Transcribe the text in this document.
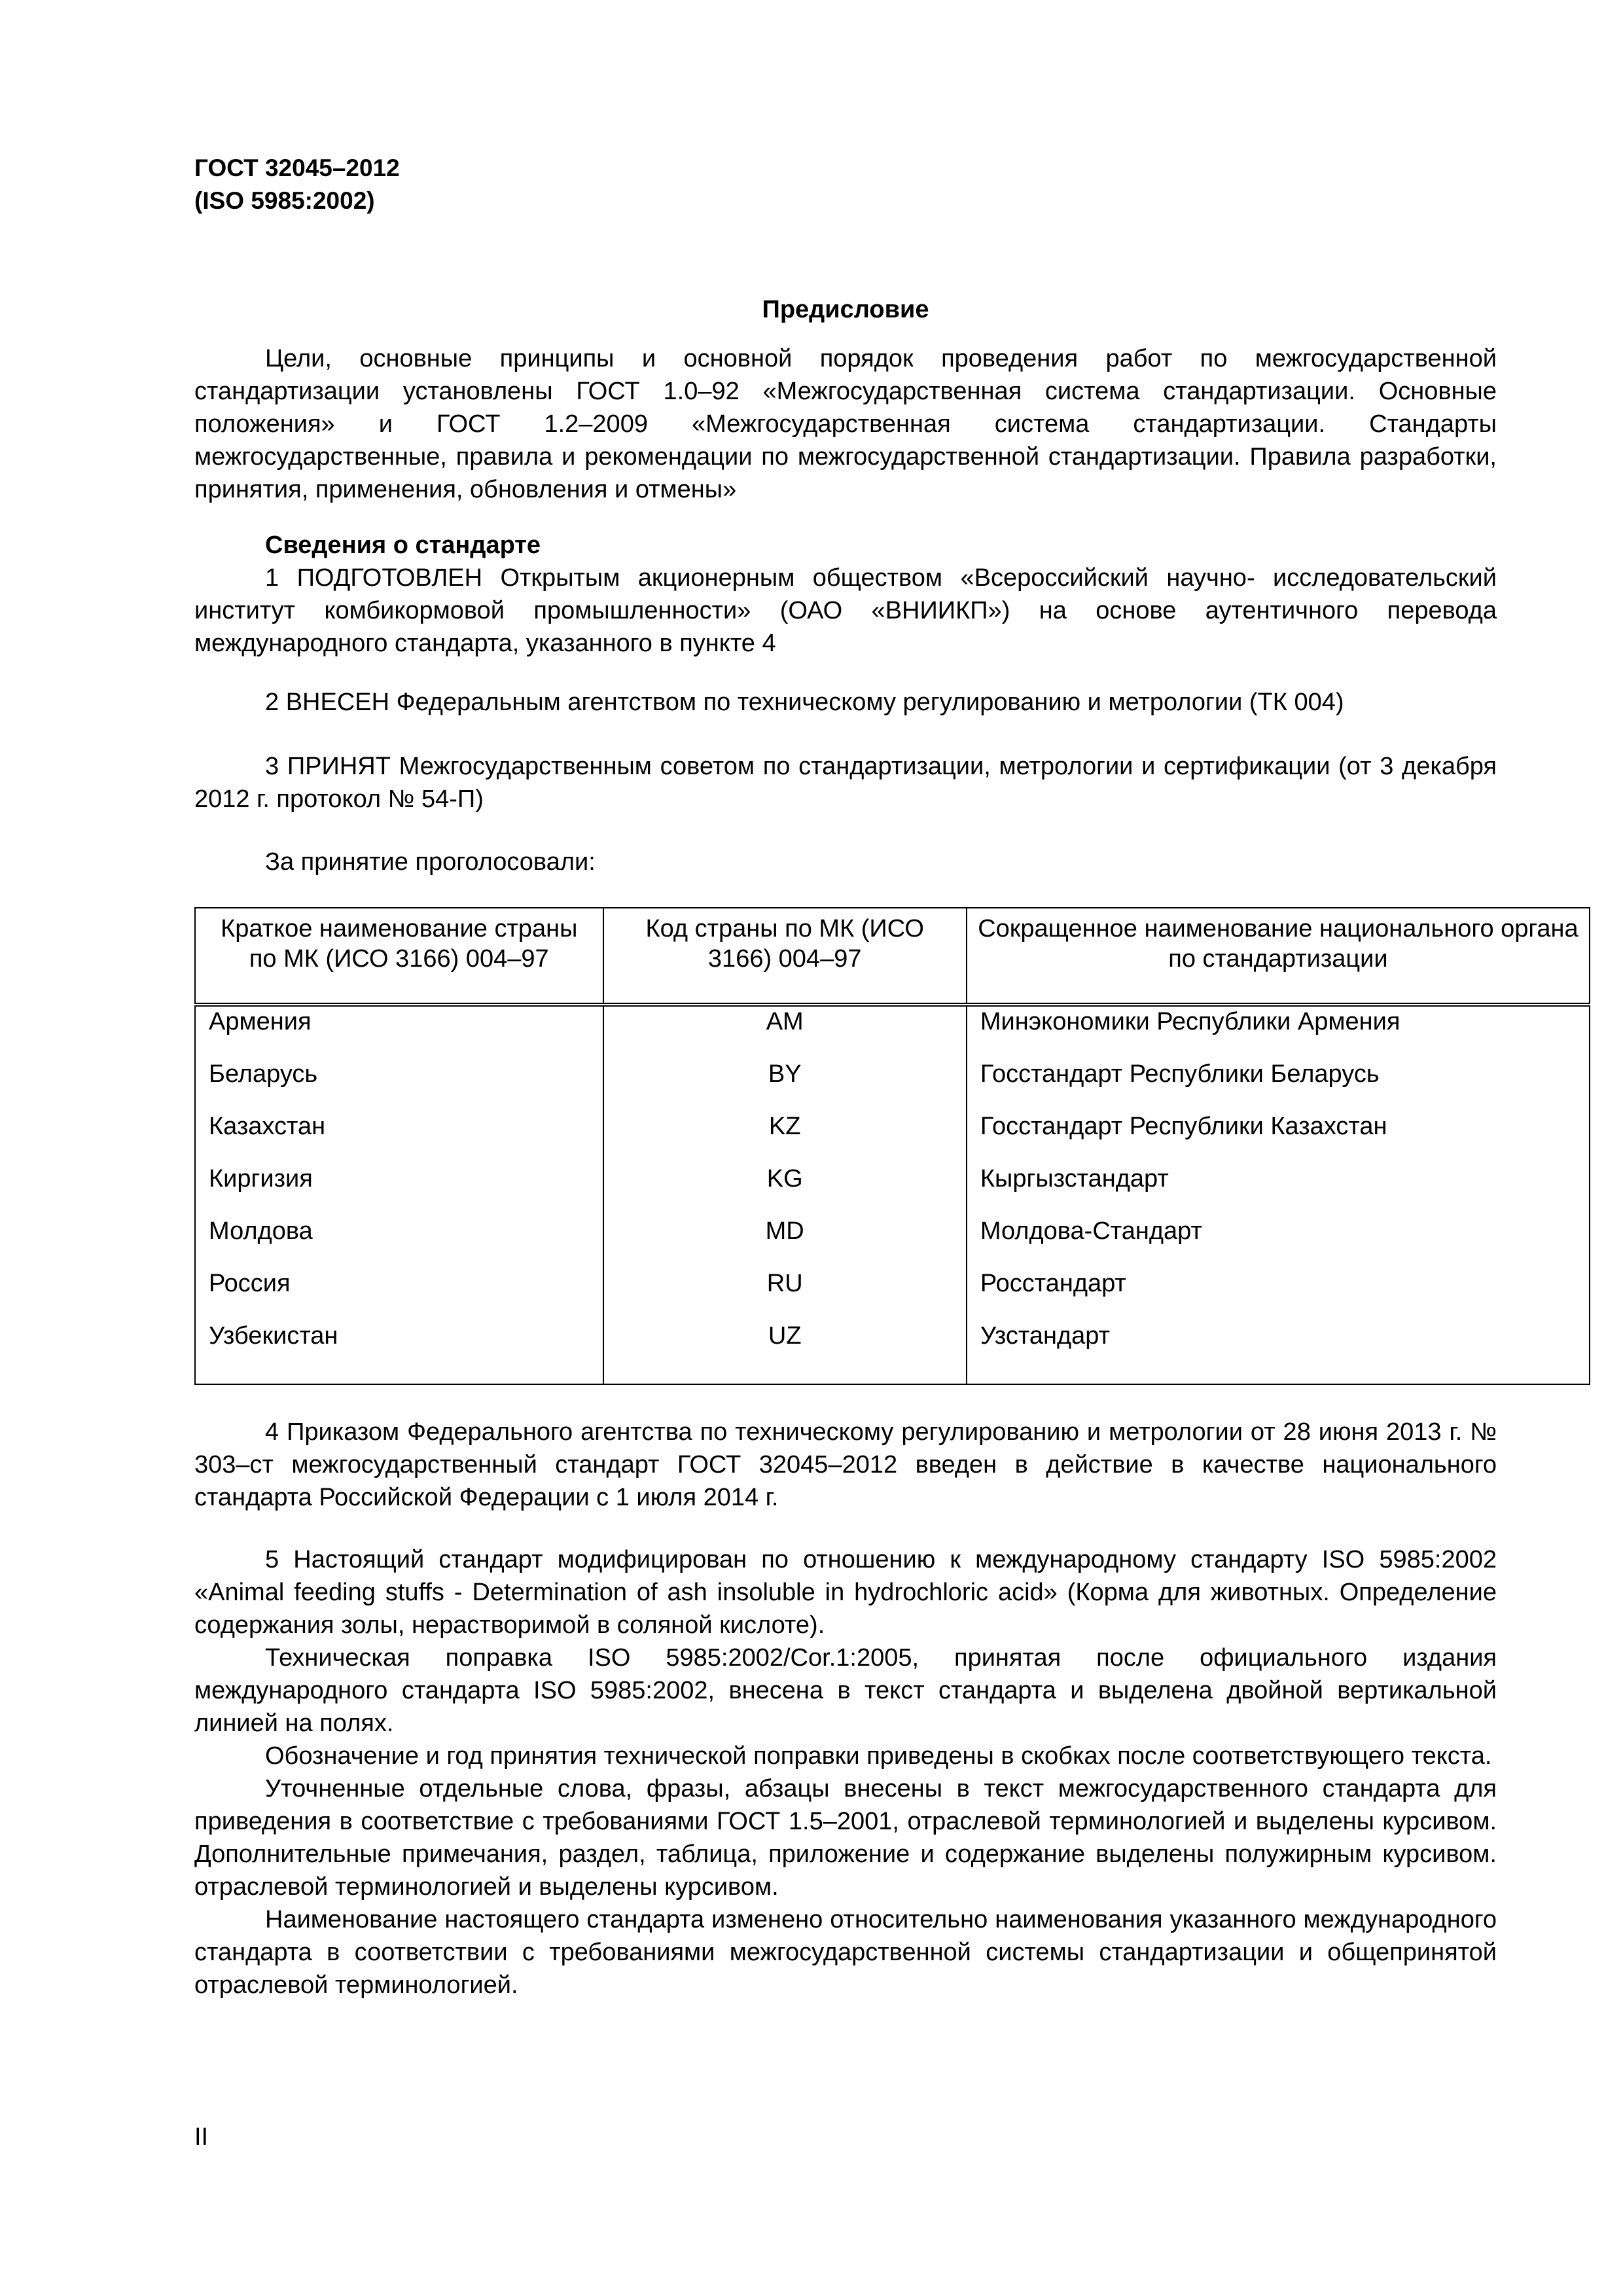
ГОСТ 32045–2012
(ISO 5985:2002)
Предисловие

Цели, основные принципы и основной порядок проведения работ по межгосударственной стандартизации установлены ГОСТ 1.0–92 «Межгосударственная система стандартизации. Основные положения» и ГОСТ 1.2–2009 «Межгосударственная система стандартизации. Стандарты межгосударственные, правила и рекомендации по межгосударственной стандартизации. Правила разработки, принятия, применения, обновления и отмены»

Сведения о стандарте

1 ПОДГОТОВЛЕН Открытым акционерным обществом «Всероссийский научно- исследовательский институт комбикормовой промышленности» (ОАО «ВНИИКП») на основе аутентичного перевода международного стандарта, указанного в пункте 4

2 ВНЕСЕН Федеральным агентством по техническому регулированию и метрологии (ТК 004)

3 ПРИНЯТ Межгосударственным советом по стандартизации, метрологии и сертификации (от 3 декабря 2012 г. протокол № 54-П)

За принятие проголосовали:

Краткое наименование страны по МК (ИСО 3166) 004–97	Код страны по МК (ИСО 3166) 004–97	Сокращенное наименование национального органа по стандартизации
Армения	AM	Минэкономики Республики Армения
Беларусь	BY	Госстандарт Республики Беларусь
Казахстан	KZ	Госстандарт Республики Казахстан
Киргизия	KG	Кыргызстандарт
Молдова	MD	Молдова-Стандарт
Россия	RU	Росстандарт
Узбекистан	UZ	Узстандарт

4 Приказом Федерального агентства по техническому регулированию и метрологии от 28 июня 2013 г. № 303–ст межгосударственный стандарт ГОСТ 32045–2012 введен в действие в качестве национального стандарта Российской Федерации с 1 июля 2014 г.

5 Настоящий стандарт модифицирован по отношению к международному стандарту ISO 5985:2002 «Animal feeding stuffs - Determination of ash insoluble in hydrochloric acid» (Корма для животных. Определение содержания золы, нерастворимой в соляной кислоте).

Техническая поправка ISO 5985:2002/Cor.1:2005, принятая после официального издания международного стандарта ISO 5985:2002, внесена в текст стандарта и выделена двойной вертикальной линией на полях.

Обозначение и год принятия технической поправки приведены в скобках после соответствующего текста.

Уточненные отдельные слова, фразы, абзацы внесены в текст межгосударственного стандарта для приведения в соответствие с требованиями ГОСТ 1.5–2001, отраслевой терминологией и выделены курсивом. Дополнительные примечания, раздел, таблица, приложение и содержание выделены полужирным курсивом. отраслевой терминологией и выделены курсивом.

Наименование настоящего стандарта изменено относительно наименования указанного международного стандарта в соответствии с требованиями межгосударственной системы стандартизации и общепринятой отраслевой терминологией.

II
